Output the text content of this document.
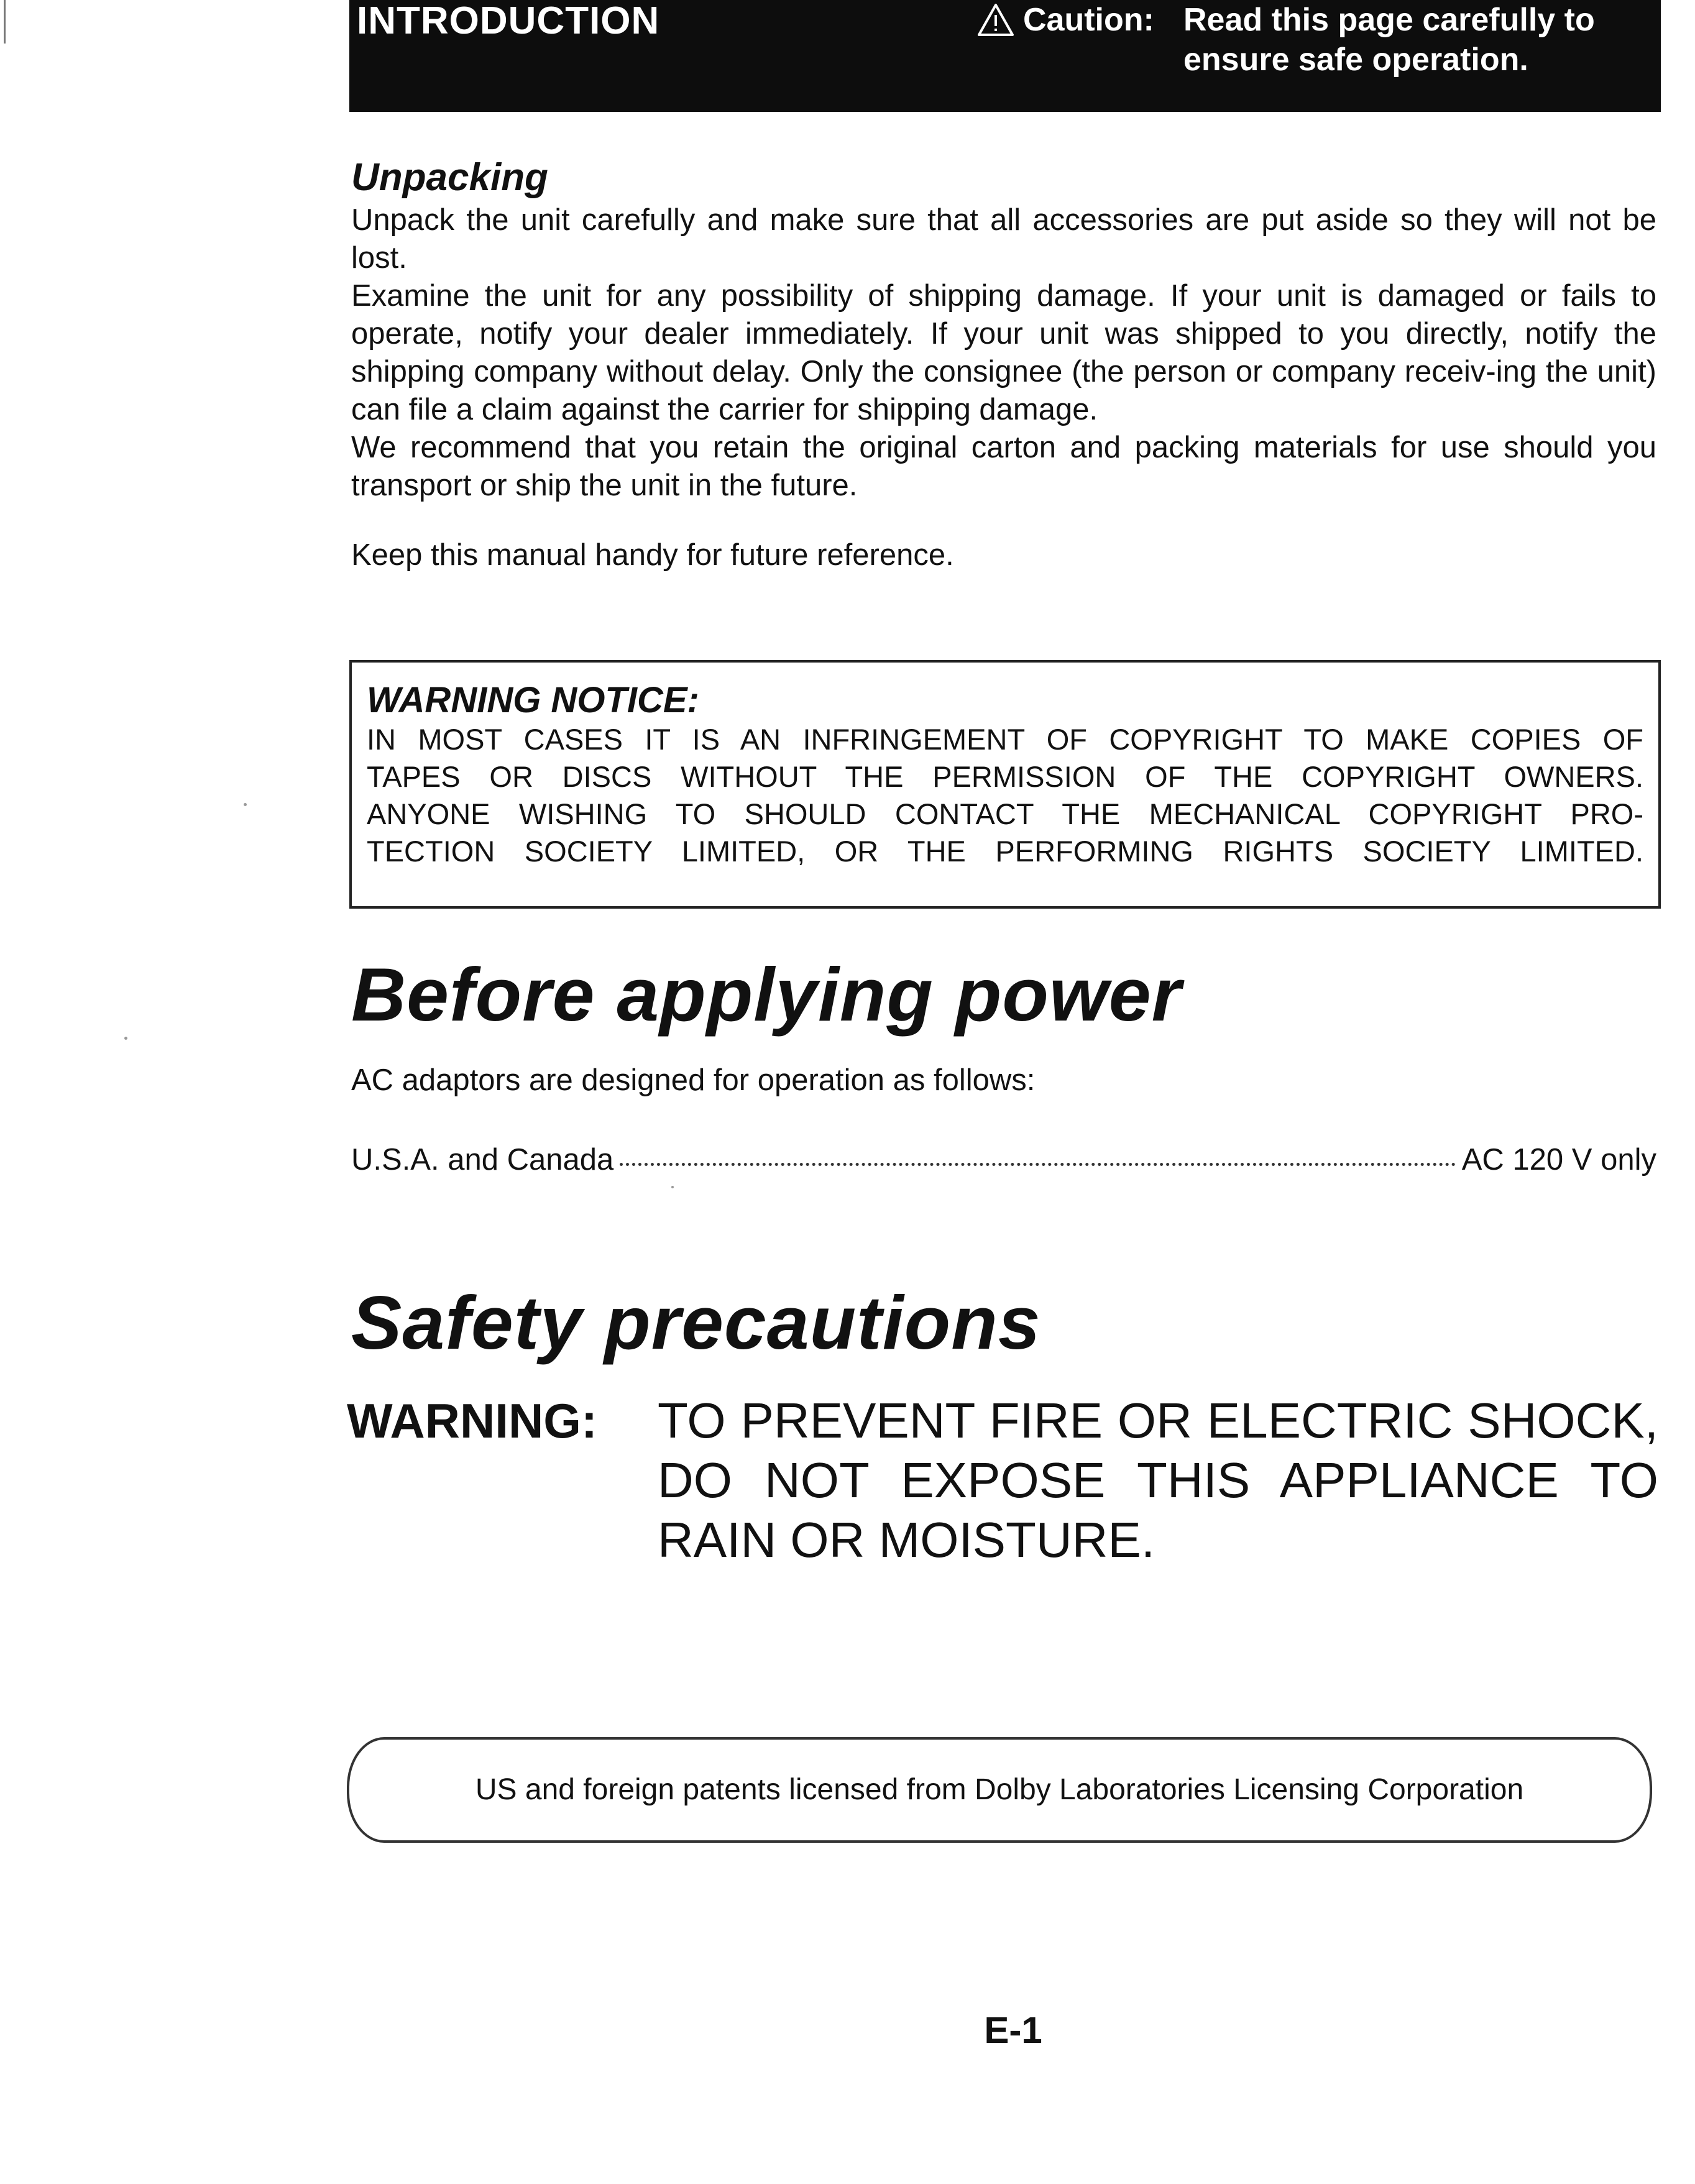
INTRODUCTION	Caution: Read this page carefully to
ensure safe operation.
Unpacking

Unpack the unit carefully and make sure that all accessories are put aside so they will not be lost.

Examine the unit for any possibility of shipping damage. If your unit is damaged or fails to operate, notify your dealer immediately. If your unit was shipped to you directly, notify the shipping company without delay. Only the consignee (the person or company receiv-ing the unit) can file a claim against the carrier for shipping damage.

We recommend that you retain the original carton and packing materials for use should you transport or ship the unit in the future.

Keep this manual handy for future reference.

WARNING NOTICE:

IN MOST CASES IT IS AN INFRINGEMENT OF COPYRIGHT TO MAKE COPIES OF

TAPES OR DISCS WITHOUT THE PERMISSION OF THE COPYRIGHT OWNERS.

ANYONE WISHING TO SHOULD CONTACT THE MECHANICAL COPYRIGHT PRO-

TECTION SOCIETY LIMITED, OR THE PERFORMING RIGHTS SOCIETY LIMITED.

Before applying power

AC adaptors are designed for operation as follows:

U.S.A. and Canada	AC 120 V only
Safety precautions
WARNING:	TO PREVENT FIRE OR ELECTRIC SHOCK,

DO NOT EXPOSE THIS APPLIANCE TO

RAIN OR MOISTURE.

US and foreign patents licensed from Dolby Laboratories Licensing Corporation
E-1
